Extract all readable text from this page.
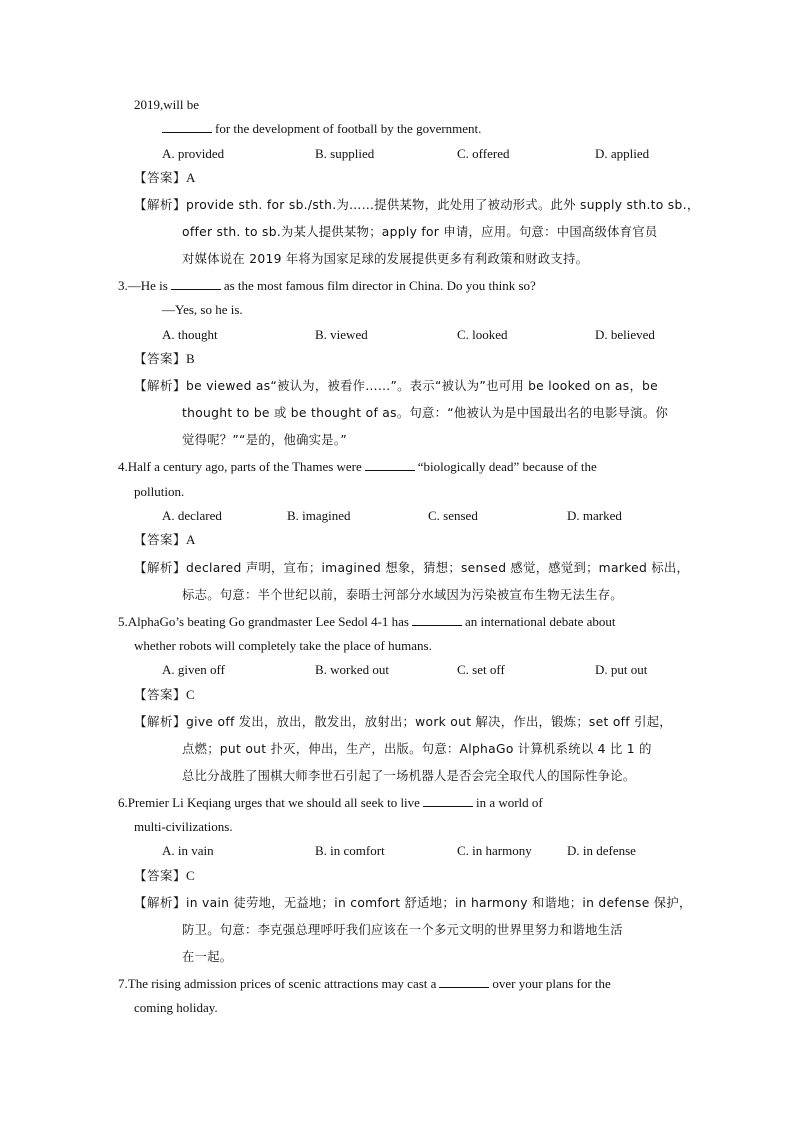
2019,will be
for the development of football by the government.
A. provided	B. supplied	C. offered	D. applied
【答案】A
【解析】provide sth. for sb./sth.为……提供某物，此处用了被动形式。此外 supply sth.to sb.，
offer sth. to sb.为某人提供某物；apply for 申请，应用。句意：中国高级体育官员
对媒体说在 2019 年将为国家足球的发展提供更多有利政策和财政支持。
3.—He is	as the most famous film director in China. Do you think so?
—Yes, so he is.
A. thought	B. viewed	C. looked	D. believed
【答案】B
【解析】be viewed as“被认为，被看作……”。表示“被认为”也可用 be looked on as，be
thought to be 或 be thought of as。句意：“他被认为是中国最出名的电影导演。你
觉得呢？”“是的，他确实是。”
4.Half a century ago, parts of the Thames were	“biologically dead” because of the
pollution.
A. declared	B. imagined	C. sensed	D. marked
【答案】A
【解析】declared 声明，宣布；imagined 想象，猜想；sensed 感觉，感觉到；marked 标出，
标志。句意：半个世纪以前，泰晤士河部分水域因为污染被宣布生物无法生存。
5.AlphaGo’s beating Go grandmaster Lee Sedol 4-1 has	an international debate about
whether robots will completely take the place of humans.
A. given off	B. worked out	C. set off	D. put out
【答案】C
【解析】give off 发出，放出，散发出，放射出；work out 解决，作出，锻炼；set off 引起，
点燃；put out 扑灭，伸出，生产，出版。句意：AlphaGo 计算机系统以 4 比 1 的
总比分战胜了围棋大师李世石引起了一场机器人是否会完全取代人的国际性争论。
6.Premier Li Keqiang urges that we should all seek to live	in a world of
multi-civilizations.
A. in vain	B. in comfort	C. in harmony	D. in defense
【答案】C
【解析】in vain 徒劳地，无益地；in comfort 舒适地；in harmony 和谐地；in defense 保护，
防卫。句意：李克强总理呼吁我们应该在一个多元文明的世界里努力和谐地生活
在一起。
7.The rising admission prices of scenic attractions may cast a	over your plans for the
coming holiday.
